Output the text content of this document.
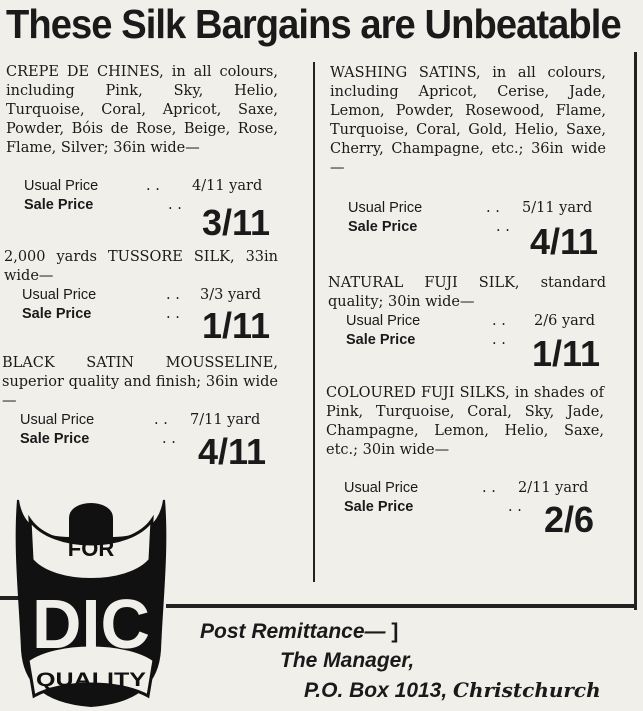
These Silk Bargains are Unbeatable

CREPE DE CHINES, in all colours, including Pink, Sky, Helio, Turquoise, Coral, Apricot, Saxe, Powder, Bóis de Rose, Beige, Rose, Flame, Silver; 36in wide—

Usual Price	. . 4/11 yard
Sale Price	. . 3/11

2,000 yards TUSSORE SILK, 33in wide—

Usual Price	. . 3/3 yard
Sale Price	. . 1/11

BLACK SATIN MOUSSELINE, superior quality and finish; 36in wide—

Usual Price	. . 7/11 yard
Sale Price	. . 4/11

WASHING SATINS, in all colours, including Apricot, Cerise, Jade, Lemon, Powder, Rosewood, Flame, Turquoise, Coral, Gold, Helio, Saxe, Cherry, Champagne, etc.; 36in wide—

Usual Price	. . 5/11 yard
Sale Price	. . 4/11

NATURAL FUJI SILK, standard quality; 30in wide—

Usual Price	. . 2/6 yard
Sale Price	. . 1/11

COLOURED FUJI SILKS, in shades of Pink, Turquoise, Coral, Sky, Jade, Champagne, Lemon, Helio, Saxe, etc.; 30in wide—

Usual Price	. . 2/11 yard
Sale Price	. . 2/6
FOR
DIC
QUALITY
Post Remittance— ]
The Manager,
P.O. Box 1013, Christchurch
